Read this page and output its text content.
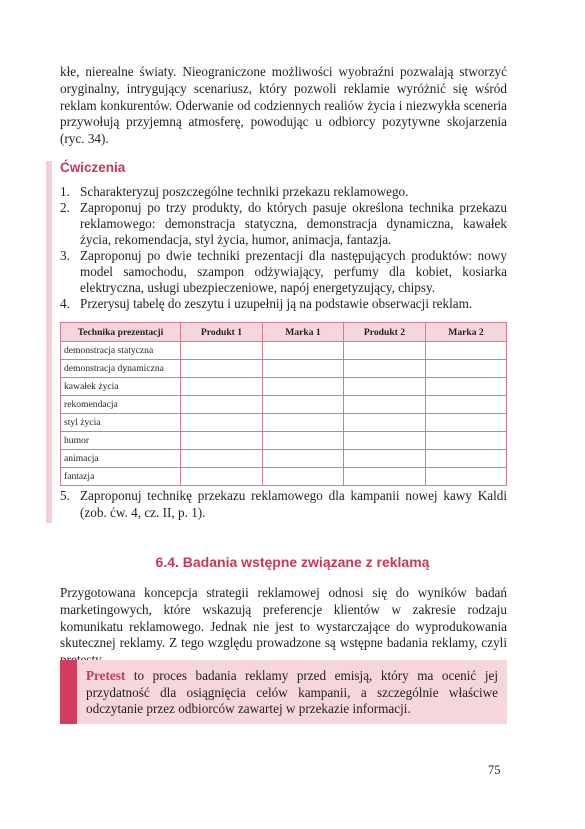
kłe, nierealne światy. Nieograniczone możliwości wyobraźni pozwalają stworzyć oryginalny, intrygujący scenariusz, który pozwoli reklamie wyróżnić się wśród reklam konkurentów. Oderwanie od codziennych realiów życia i niezwykła sceneria przywołują przyjemną atmosferę, powodując u odbiorcy pozytywne skojarzenia (ryc. 34).

Ćwiczenia
1. Scharakteryzuj poszczególne techniki przekazu reklamowego.
2. Zaproponuj po trzy produkty, do których pasuje określona technika przekazu reklamowego: demonstracja statyczna, demonstracja dynamiczna, kawałek życia, rekomendacja, styl życia, humor, animacja, fantazja.
3. Zaproponuj po dwie techniki prezentacji dla następujących produktów: nowy model samochodu, szampon odżywiający, perfumy dla kobiet, kosiarka elektryczna, usługi ubezpieczeniowe, napój energetyzujący, chipsy.
4. Przerysuj tabelę do zeszytu i uzupełnij ją na podstawie obserwacji reklam.
Technika prezentacji	Produkt 1	Marka 1	Produkt 2	Marka 2
demonstracja statyczna				
demonstracja dynamiczna				
kawałek życia				
rekomendacja				
styl życia				
humor				
animacja				
fantazja				
5. Zaproponuj technikę przekazu reklamowego dla kampanii nowej kawy Kaldi (zob. ćw. 4, cz. II, p. 1).
6.4. Badania wstępne związane z reklamą

Przygotowana koncepcja strategii reklamowej odnosi się do wyników badań marketingowych, które wskazują preferencje klientów w zakresie rodzaju komunikatu reklamowego. Jednak nie jest to wystarczające do wyprodukowania skutecznej reklamy. Z tego względu prowadzone są wstępne badania reklamy, czyli

Pretest to proces badania reklamy przed emisją, który ma ocenić jej przydatność dla osiągnięcia celów kampanii, a szczególnie właściwe odczytanie przez odbiorców zawartej w przekazie informacji.

75
